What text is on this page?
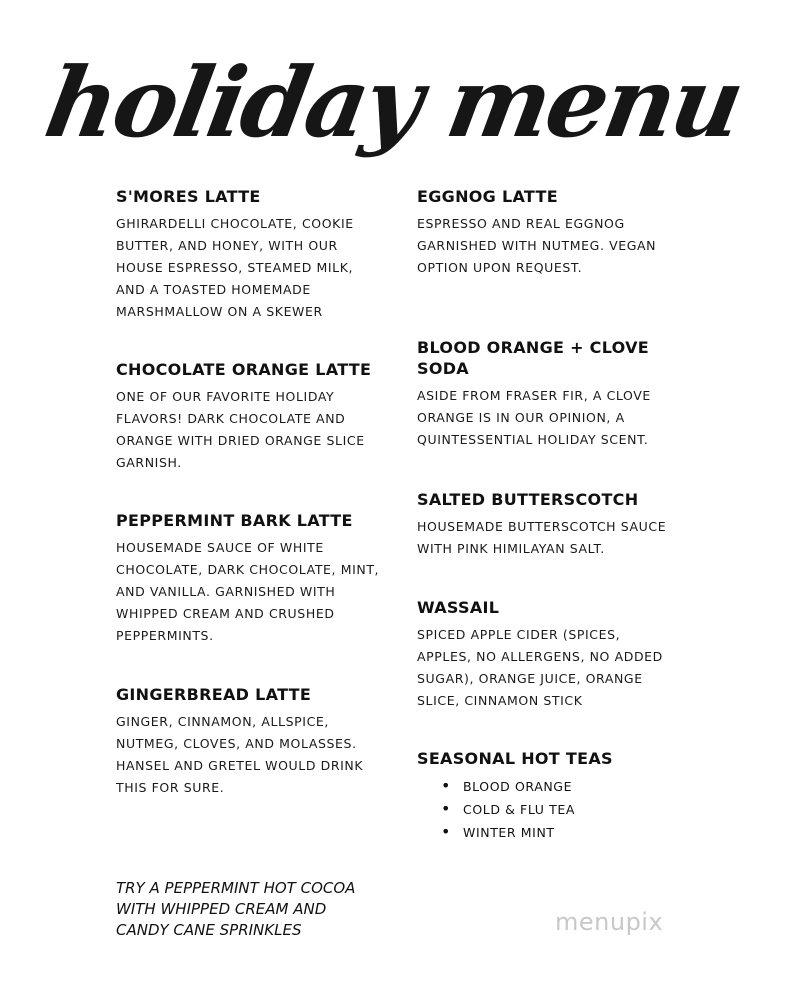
holiday menu
S'MORES LATTE

GHIRARDELLI CHOCOLATE, COOKIE BUTTER, AND HONEY, WITH OUR HOUSE ESPRESSO, STEAMED MILK, AND A TOASTED HOMEMADE MARSHMALLOW ON A SKEWER

CHOCOLATE ORANGE LATTE

ONE OF OUR FAVORITE HOLIDAY FLAVORS! DARK CHOCOLATE AND ORANGE WITH DRIED ORANGE SLICE GARNISH.

PEPPERMINT BARK LATTE

HOUSEMADE SAUCE OF WHITE CHOCOLATE, DARK CHOCOLATE, MINT, AND VANILLA. GARNISHED WITH WHIPPED CREAM AND CRUSHED PEPPERMINTS.

GINGERBREAD LATTE

GINGER, CINNAMON, ALLSPICE, NUTMEG, CLOVES, AND MOLASSES. HANSEL AND GRETEL WOULD DRINK THIS FOR SURE.

EGGNOG LATTE

ESPRESSO AND REAL EGGNOG GARNISHED WITH NUTMEG. VEGAN OPTION UPON REQUEST.

BLOOD ORANGE + CLOVE SODA

ASIDE FROM FRASER FIR, A CLOVE ORANGE IS IN OUR OPINION, A QUINTESSENTIAL HOLIDAY SCENT.

SALTED BUTTERSCOTCH

HOUSEMADE BUTTERSCOTCH SAUCE WITH PINK HIMILAYAN SALT.

WASSAIL

SPICED APPLE CIDER (SPICES, APPLES, NO ALLERGENS, NO ADDED SUGAR), ORANGE JUICE, ORANGE SLICE, CINNAMON STICK

SEASONAL HOT TEAS
• BLOOD ORANGE
• COLD & FLU TEA
• WINTER MINT
TRY A PEPPERMINT HOT COCOA
WITH WHIPPED CREAM AND
CANDY CANE SPRINKLES	menupix
